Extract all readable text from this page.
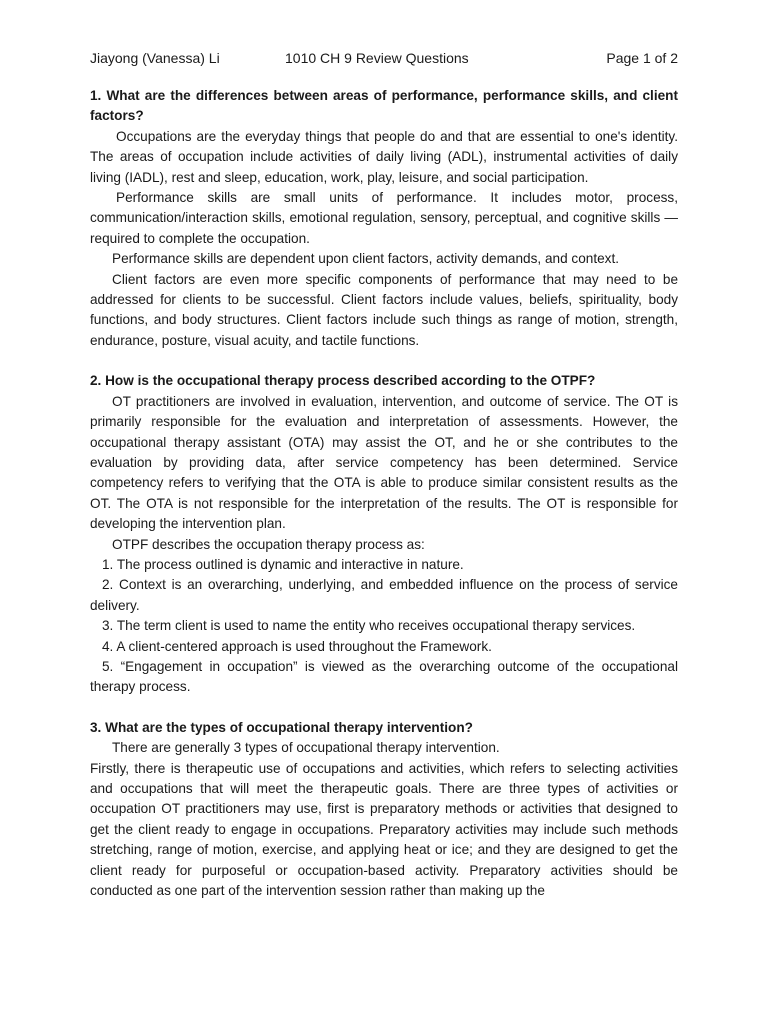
Jiayong (Vanessa) Li	1010 CH 9 Review Questions	Page 1 of 2

1. What are the differences between areas of performance, performance skills, and client factors?

Occupations are the everyday things that people do and that are essential to one's identity. The areas of occupation include activities of daily living (ADL), instrumental activities of daily living (IADL), rest and sleep, education, work, play, leisure, and social participation.

Performance skills are small units of performance. It includes motor, process, communication/interaction skills, emotional regulation, sensory, perceptual, and cognitive skills —required to complete the occupation.

Performance skills are dependent upon client factors, activity demands, and context.

Client factors are even more specific components of performance that may need to be addressed for clients to be successful. Client factors include values, beliefs, spirituality, body functions, and body structures. Client factors include such things as range of motion, strength, endurance, posture, visual acuity, and tactile functions.

2. How is the occupational therapy process described according to the OTPF?

OT practitioners are involved in evaluation, intervention, and outcome of service. The OT is primarily responsible for the evaluation and interpretation of assessments. However, the occupational therapy assistant (OTA) may assist the OT, and he or she contributes to the evaluation by providing data, after service competency has been determined. Service competency refers to verifying that the OTA is able to produce similar consistent results as the OT. The OTA is not responsible for the interpretation of the results. The OT is responsible for developing the intervention plan.

OTPF describes the occupation therapy process as:

1. The process outlined is dynamic and interactive in nature.

2. Context is an overarching, underlying, and embedded influence on the process of service delivery.

3. The term client is used to name the entity who receives occupational therapy services.

4. A client-centered approach is used throughout the Framework.

5. “Engagement in occupation” is viewed as the overarching outcome of the occupational therapy process.

3. What are the types of occupational therapy intervention?

There are generally 3 types of occupational therapy intervention.

Firstly, there is therapeutic use of occupations and activities, which refers to selecting activities and occupations that will meet the therapeutic goals. There are three types of activities or occupation OT practitioners may use, first is preparatory methods or activities that designed to get the client ready to engage in occupations. Preparatory activities may include such methods stretching, range of motion, exercise, and applying heat or ice; and they are designed to get the client ready for purposeful or occupation-based activity. Preparatory activities should be conducted as one part of the intervention session rather than making up the
